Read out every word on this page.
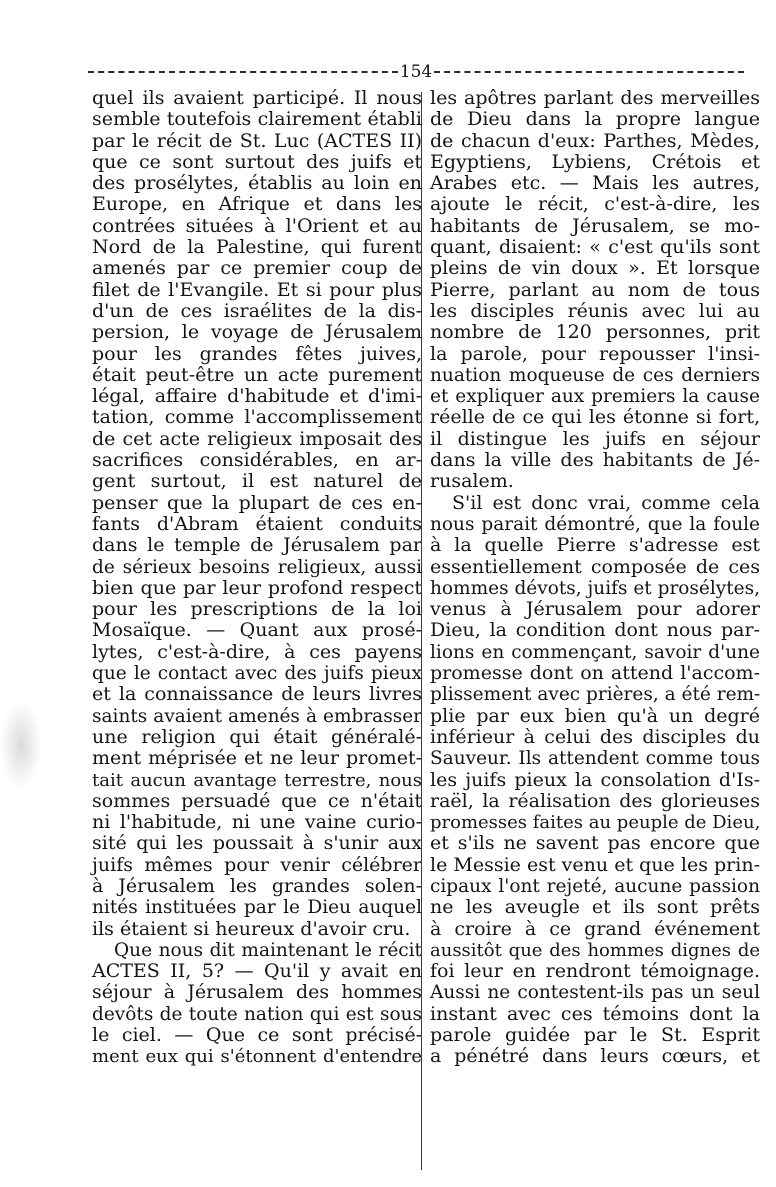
154
quel ils avaient participé. Il nous
semble toutefois clairement établi
par le récit de St. Luc (ACTES II)
que ce sont surtout des juifs et
des prosélytes, établis au loin en
Europe, en Afrique et dans les
contrées situées à l'Orient et au
Nord de la Palestine, qui furent
amenés par ce premier coup de
filet de l'Evangile. Et si pour plus
d'un de ces israélites de la dis-
persion, le voyage de Jérusalem
pour les grandes fêtes juives,
était peut-être un acte purement
légal, affaire d'habitude et d'imi-
tation, comme l'accomplissement
de cet acte religieux imposait des
sacrifices considérables, en ar-
gent surtout, il est naturel de
penser que la plupart de ces en-
fants d'Abram étaient conduits
dans le temple de Jérusalem par
de sérieux besoins religieux, aussi
bien que par leur profond respect
pour les prescriptions de la loi
Mosaïque. — Quant aux prosé-
lytes, c'est-à-dire, à ces payens
que le contact avec des juifs pieux
et la connaissance de leurs livres
saints avaient amenés à embrasser
une religion qui était généralé-
ment méprisée et ne leur promet-
tait aucun avantage terrestre, nous
sommes persuadé que ce n'était
ni l'habitude, ni une vaine curio-
sité qui les poussait à s'unir aux
juifs mêmes pour venir célébrer
à Jérusalem les grandes solen-
nités instituées par le Dieu auquel
ils étaient si heureux d'avoir cru.
Que nous dit maintenant le récit
ACTES II, 5? — Qu'il y avait en
séjour à Jérusalem des hommes
devôts de toute nation qui est sous
le ciel. — Que ce sont précisé-
ment eux qui s'étonnent d'entendre
les apôtres parlant des merveilles
de Dieu dans la propre langue
de chacun d'eux: Parthes, Mèdes,
Egyptiens, Lybiens, Crétois et
Arabes etc. — Mais les autres,
ajoute le récit, c'est-à-dire, les
habitants de Jérusalem, se mo-
quant, disaient: « c'est qu'ils sont
pleins de vin doux ». Et lorsque
Pierre, parlant au nom de tous
les disciples réunis avec lui au
nombre de 120 personnes, prit
la parole, pour repousser l'insi-
nuation moqueuse de ces derniers
et expliquer aux premiers la cause
réelle de ce qui les étonne si fort,
il distingue les juifs en séjour
dans la ville des habitants de Jé-
rusalem.
S'il est donc vrai, comme cela
nous parait démontré, que la foule
à la quelle Pierre s'adresse est
essentiellement composée de ces
hommes dévots, juifs et prosélytes,
venus à Jérusalem pour adorer
Dieu, la condition dont nous par-
lions en commençant, savoir d'une
promesse dont on attend l'accom-
plissement avec prières, a été rem-
plie par eux bien qu'à un degré
inférieur à celui des disciples du
Sauveur. Ils attendent comme tous
les juifs pieux la consolation d'Is-
raël, la réalisation des glorieuses
promesses faites au peuple de Dieu,
et s'ils ne savent pas encore que
le Messie est venu et que les prin-
cipaux l'ont rejeté, aucune passion
ne les aveugle et ils sont prêts
à croire à ce grand événement
aussitôt que des hommes dignes de
foi leur en rendront témoignage.
Aussi ne contestent-ils pas un seul
instant avec ces témoins dont la
parole guidée par le St. Esprit
a pénétré dans leurs cœurs, et
